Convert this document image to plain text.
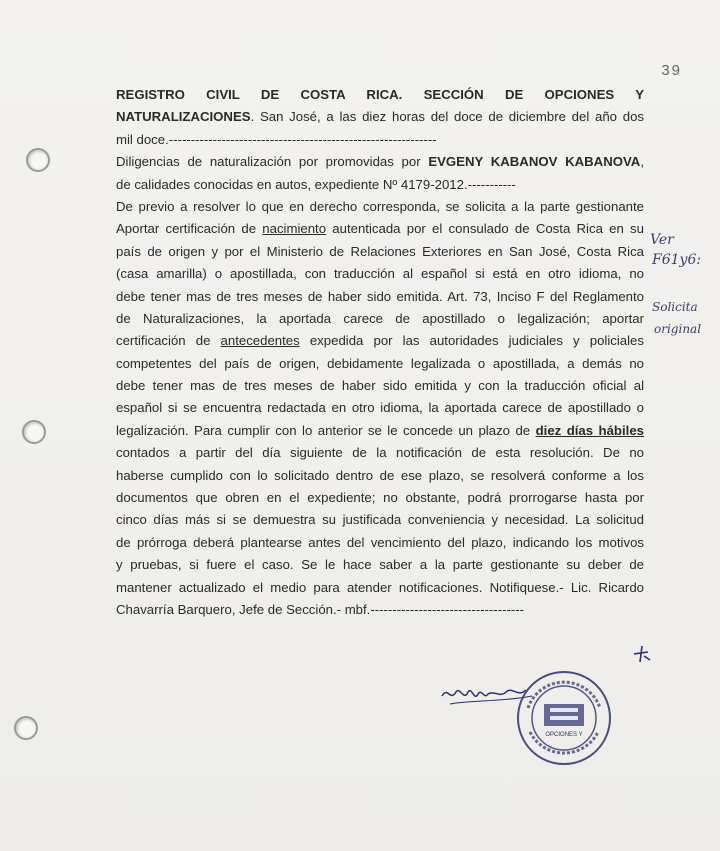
39
REGISTRO CIVIL DE COSTA RICA. SECCIÓN DE OPCIONES Y
NATURALIZACIONES. San José, a las diez horas del doce de diciembre del año dos
mil doce.-------------------------------------------------------------
Diligencias de naturalización por promovidas por EVGENY KABANOV KABANOVA,
de calidades conocidas en autos, expediente Nº 4179-2012.-----------
De previo a resolver lo que en derecho corresponda, se solicita a la parte gestionante
Aportar certificación de nacimiento autenticada por el consulado de Costa Rica en su
país de origen y por el Ministerio de Relaciones Exteriores en San José, Costa Rica
(casa amarilla) o apostillada, con traducción al español si está en otro idioma, no
debe tener mas de tres meses de haber sido emitida. Art. 73, Inciso F del Reglamento
de Naturalizaciones, la aportada carece de apostillado o legalización; aportar
certificación de antecedentes expedida por las autoridades judiciales y policiales
competentes del país de origen, debidamente legalizada o apostillada, a demás no
debe tener mas de tres meses de haber sido emitida y con la traducción oficial al
español si se encuentra redactada en otro idioma, la aportada carece de apostillado o
legalización. Para cumplir con lo anterior se le concede un plazo de diez días hábiles
contados a partir del día siguiente de la notificación de esta resolución. De no
haberse cumplido con lo solicitado dentro de ese plazo, se resolverá conforme a los
documentos que obren en el expediente; no obstante, podrá prorrogarse hasta por
cinco días más si se demuestra su justificada conveniencia y necesidad. La solicitud
de prórroga deberá plantearse antes del vencimiento del plazo, indicando los motivos
y pruebas, si fuere el caso. Se le hace saber a la parte gestionante su deber de
mantener actualizado el medio para atender notificaciones. Notifiquese.- Lic. Ricardo
Chavarría Barquero, Jefe de Sección.- mbf.-----------------------------------
Ver
F61y6:
Solicita
original
OPCIONES Y
